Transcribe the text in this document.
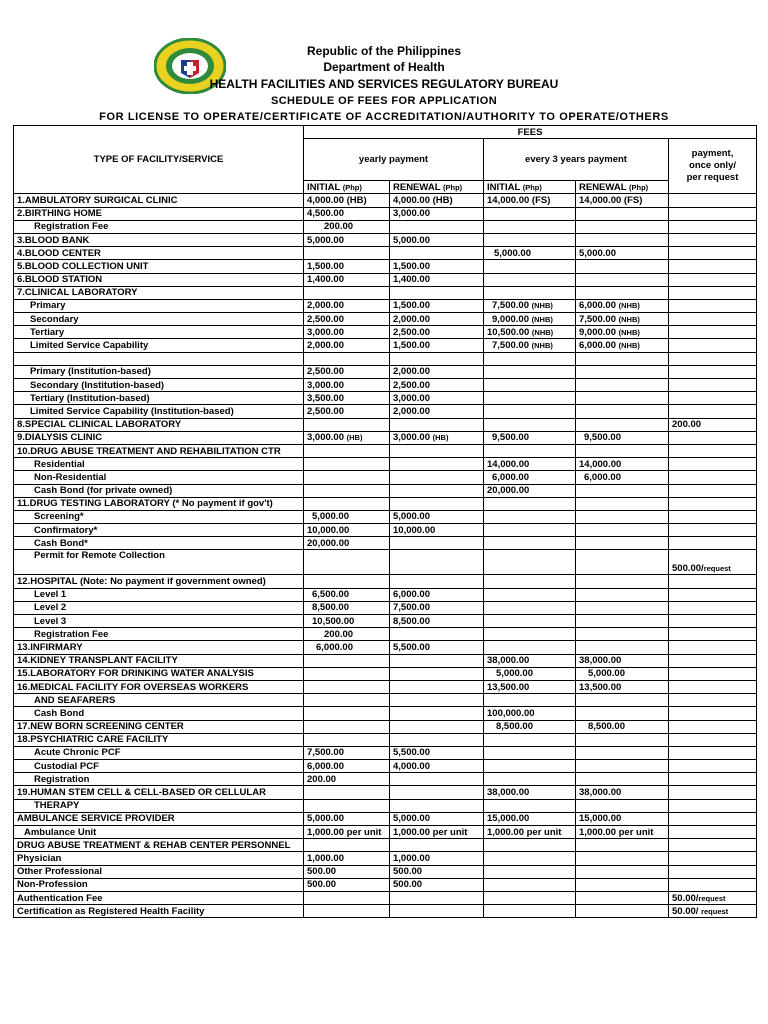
Republic of the Philippines
Department of Health
HEALTH FACILITIES AND SERVICES REGULATORY BUREAU
SCHEDULE OF FEES FOR APPLICATION
FOR LICENSE TO OPERATE/CERTIFICATE OF ACCREDITATION/AUTHORITY TO OPERATE/OTHERS
TYPE OF FACILITY/SERVICE	FEES				
	yearly payment		every 3 years payment		payment,
once only/
per request

	INITIAL (Php)	RENEWAL (Php)	INITIAL (Php)	RENEWAL (Php)	
1.AMBULATORY SURGICAL CLINIC	4,000.00 (HB)	4,000.00 (HB)	14,000.00 (FS)	14,000.00 (FS)	
2.BIRTHING HOME	4,500.00	3,000.00			
Registration Fee	200.00				
3.BLOOD BANK	5,000.00	5,000.00			
4.BLOOD CENTER			5,000.00	5,000.00	
5.BLOOD COLLECTION UNIT	1,500.00	1,500.00			
6.BLOOD STATION	1,400.00	1,400.00			
7.CLINICAL LABORATORY					
Primary	2,000.00	1,500.00	7,500.00 (NHB)	6,000.00 (NHB)	
Secondary	2,500.00	2,000.00	9,000.00 (NHB)	7,500.00 (NHB)	
Tertiary	3,000.00	2,500.00	10,500.00 (NHB)	9,000.00 (NHB)	
Limited Service Capability	2,000.00	1,500.00	7,500.00 (NHB)	6,000.00 (NHB)	

Primary (Institution-based)	2,500.00	2,000.00			
Secondary (Institution-based)	3,000.00	2,500.00			
Tertiary (Institution-based)	3,500.00	3,000.00			
Limited Service Capability (Institution-based)	2,500.00	2,000.00			
8.SPECIAL CLINICAL LABORATORY					200.00
9.DIALYSIS CLINIC	3,000.00 (HB)	3,000.00 (HB)	9,500.00	9,500.00	
10.DRUG ABUSE TREATMENT AND REHABILITATION CTR					
Residential			14,000.00	14,000.00	
Non-Residential			6,000.00	6,000.00	
Cash Bond (for private owned)			20,000.00		
11.DRUG TESTING LABORATORY (* No payment if gov't)					
Screening*	5,000.00	5,000.00			
Confirmatory*	10,000.00	10,000.00			
Cash Bond*	20,000.00				
Permit for Remote Collection					500.00/request
12.HOSPITAL (Note: No payment if government owned)					
Level 1	6,500.00	6,000.00			
Level 2	8,500.00	7,500.00			
Level 3	10,500.00	8,500.00			
Registration Fee	200.00				
13.INFIRMARY	6,000.00	5,500.00			
14.KIDNEY TRANSPLANT FACILITY			38,000.00	38,000.00	
15.LABORATORY FOR DRINKING WATER ANALYSIS			5,000.00	5,000.00	
16.MEDICAL FACILITY FOR OVERSEAS WORKERS			13,500.00	13,500.00	
AND SEAFARERS					
Cash Bond			100,000.00		
17.NEW BORN SCREENING CENTER			8,500.00	8,500.00	
18.PSYCHIATRIC CARE FACILITY					
Acute Chronic PCF	7,500.00	5,500.00			
Custodial PCF	6,000.00	4,000.00			
Registration	200.00				
19.HUMAN STEM CELL & CELL-BASED OR CELLULAR			38,000.00	38,000.00	
THERAPY					
AMBULANCE SERVICE PROVIDER	5,000.00	5,000.00	15,000.00	15,000.00	
Ambulance Unit	1,000.00 per unit	1,000.00 per unit	1,000.00 per unit	1,000.00 per unit	
DRUG ABUSE TREATMENT & REHAB CENTER PERSONNEL					
Physician	1,000.00	1,000.00			
Other Professional	500.00	500.00			
Non-Profession	500.00	500.00			
Authentication Fee					50.00/request
Certification as Registered Health Facility					50.00/ request
